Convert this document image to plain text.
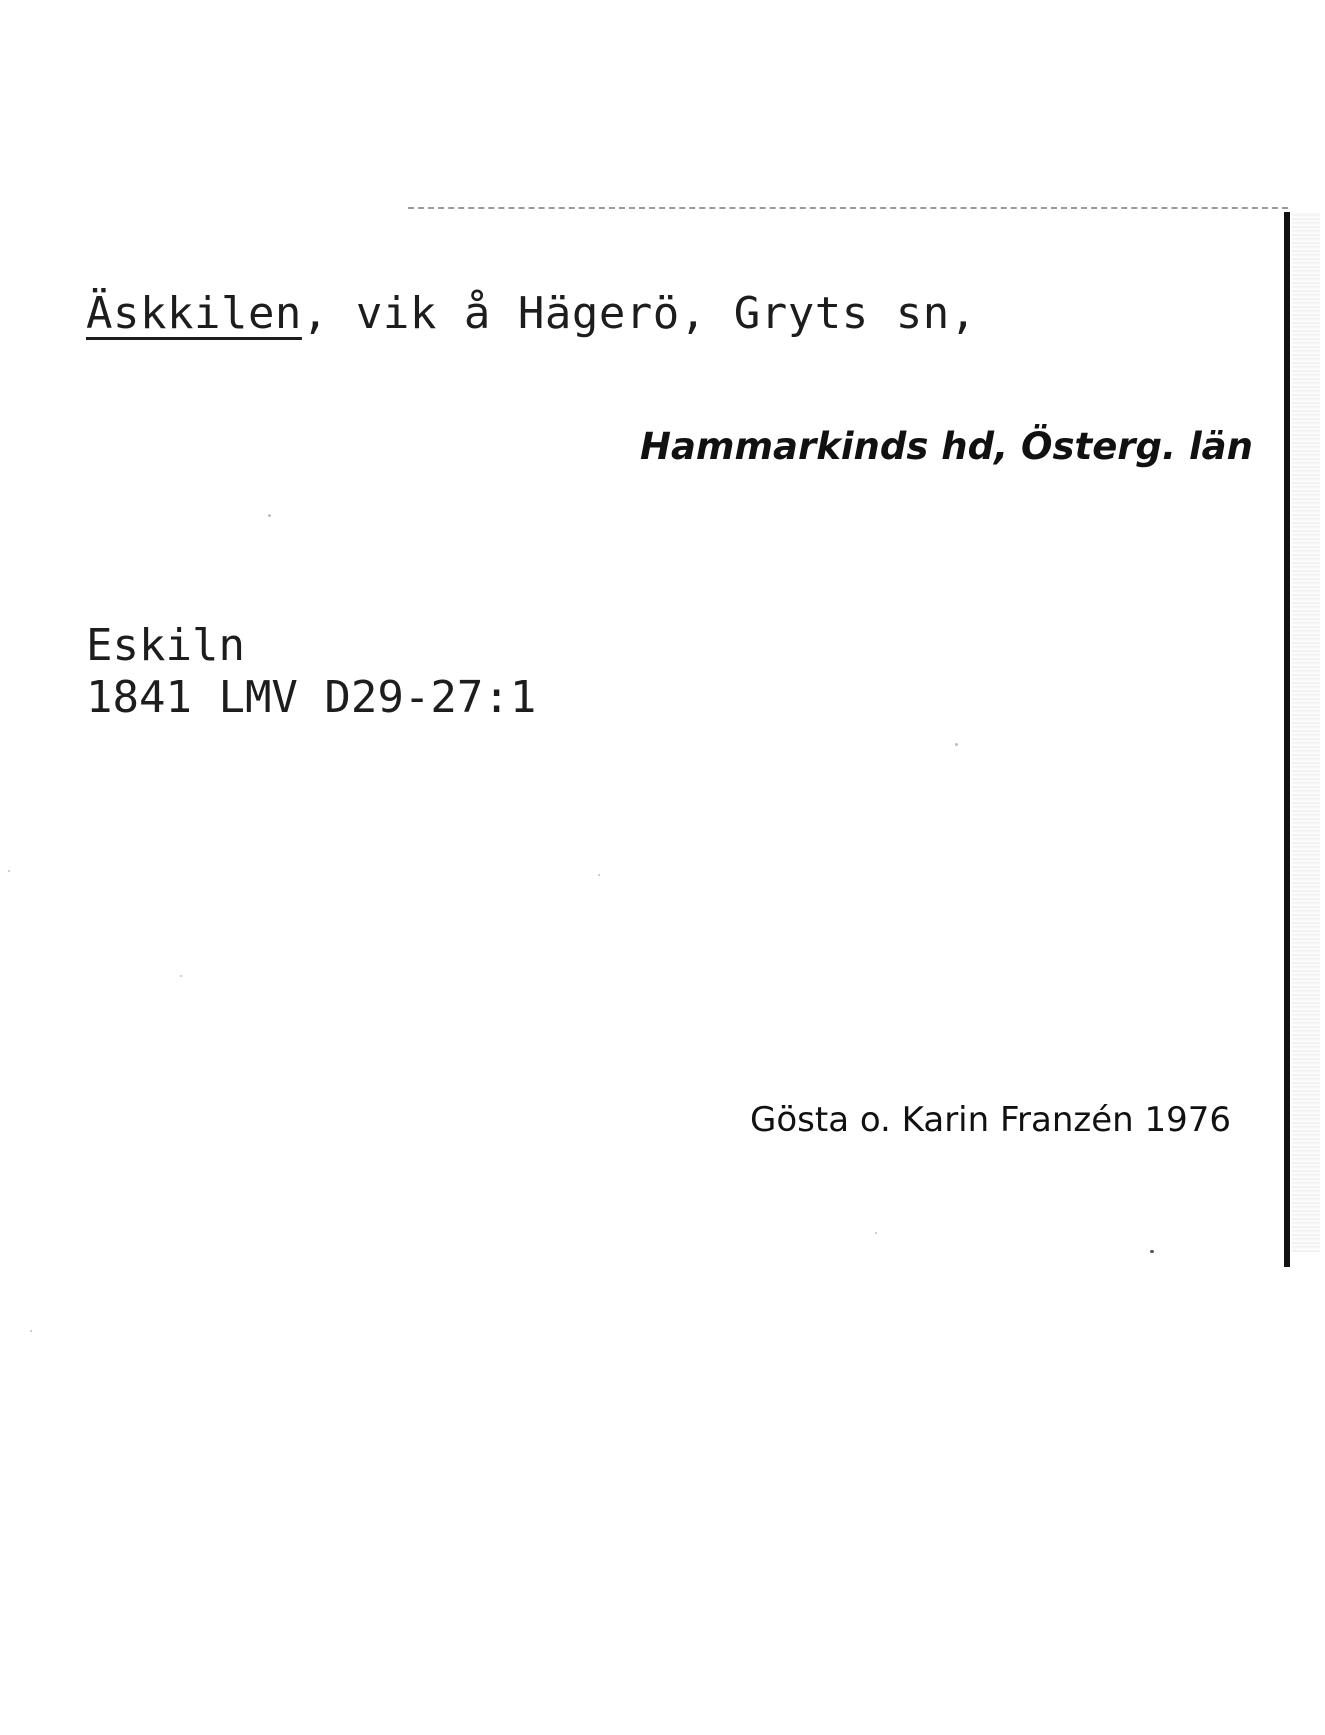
Äskkilen, vik å Hägerö, Gryts sn,
Hammarkinds hd, Österg. län
Eskiln
1841 LMV D29-27:1
Gösta o. Karin Franzén 1976
